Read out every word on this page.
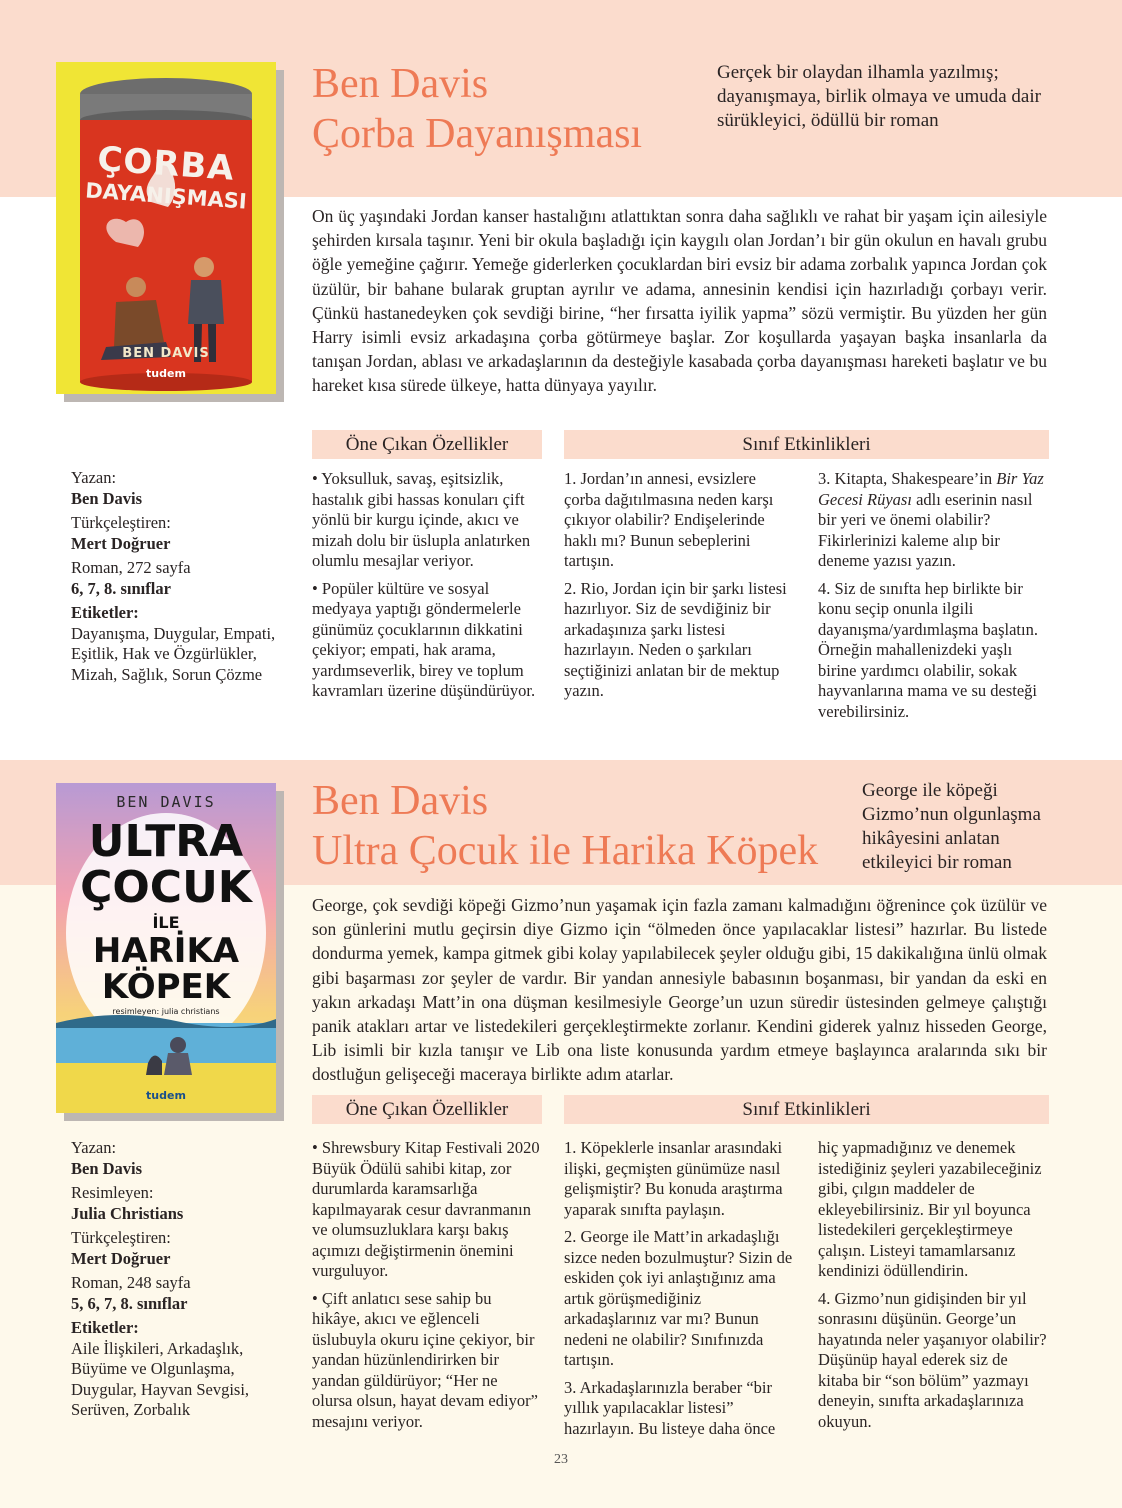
ÇORBA
DAYANIŞMASI
BEN DAVIS
tudem
Ben Davis
Çorba Dayanışması
Gerçek bir olaydan ilhamla yazılmış; dayanışmaya, birlik olmaya ve umuda dair sürükleyici, ödüllü bir roman
On üç yaşındaki Jordan kanser hastalığını atlattıktan sonra daha sağlıklı ve rahat bir yaşam için ailesiyle şehirden kırsala taşınır. Yeni bir okula başladığı için kaygılı olan Jordan’ı bir gün okulun en havalı grubu öğle yemeğine çağırır. Yemeğe giderlerken çocuklardan biri evsiz bir adama zorbalık yapınca Jordan çok üzülür, bir bahane bularak gruptan ayrılır ve adama, annesinin kendisi için hazırladığı çorbayı verir. Çünkü hastanedeyken çok sevdiği birine, “her fırsatta iyilik yapma” sözü vermiştir. Bu yüzden her gün Harry isimli evsiz arkadaşına çorba götürmeye başlar. Zor koşullarda yaşayan başka insanlarla da tanışan Jordan, ablası ve arkadaşlarının da desteğiyle kasabada çorba dayanışması hareketi başlatır ve bu hareket kısa sürede ülkeye, hatta dünyaya yayılır.
Öne Çıkan Özellikler	Sınıf Etkinlikleri
Yazan:
Ben Davis
Türkçeleştiren:
Mert Doğruer
Roman, 272 sayfa
6, 7, 8. sınıflar
Etiketler:
Dayanışma, Duygular, Empati, Eşitlik, Hak ve Özgürlükler, Mizah, Sağlık, Sorun Çözme

• Yoksulluk, savaş, eşitsizlik, hastalık gibi hassas konuları çift yönlü bir kurgu içinde, akıcı ve mizah dolu bir üslupla anlatırken olumlu mesajlar veriyor.

• Popüler kültüre ve sosyal medyaya yaptığı göndermelerle günümüz çocuklarının dikkatini çekiyor; empati, hak arama, yardımseverlik, birey ve toplum kavramları üzerine düşündürüyor.

1. Jordan’ın annesi, evsizlere çorba dağıtılmasına neden karşı çıkıyor olabilir? Endişelerinde haklı mı? Bunun sebeplerini tartışın.

2. Rio, Jordan için bir şarkı listesi hazırlıyor. Siz de sevdiğiniz bir arkadaşınıza şarkı listesi hazırlayın. Neden o şarkıları seçtiğinizi anlatan bir de mektup yazın.

3. Kitapta, Shakespeare’in Bir Yaz Gecesi Rüyası adlı eserinin nasıl bir yeri ve önemi olabilir? Fikirlerinizi kaleme alıp bir deneme yazısı yazın.

4. Siz de sınıfta hep birlikte bir konu seçip onunla ilgili dayanışma/yardımlaşma başlatın. Örneğin mahallenizdeki yaşlı birine yardımcı olabilir, sokak hayvanlarına mama ve su desteği verebilirsiniz.

BEN DAVIS
ULTRA
ÇOCUK
İLE
HARİKA
KÖPEK
resimleyen: julia christians
tudem
Ben Davis
Ultra Çocuk ile Harika Köpek
George ile köpeği Gizmo’nun olgunlaşma hikâyesini anlatan etkileyici bir roman
George, çok sevdiği köpeği Gizmo’nun yaşamak için fazla zamanı kalmadığını öğrenince çok üzülür ve son günlerini mutlu geçirsin diye Gizmo için “ölmeden önce yapılacaklar listesi” hazırlar. Bu listede dondurma yemek, kampa gitmek gibi kolay yapılabilecek şeyler olduğu gibi, 15 dakikalığına ünlü olmak gibi başarması zor şeyler de vardır. Bir yandan annesiyle babasının boşanması, bir yandan da eski en yakın arkadaşı Matt’in ona düşman kesilmesiyle George’un uzun süredir üstesinden gelmeye çalıştığı panik atakları artar ve listedekileri gerçekleştirmekte zorlanır. Kendini giderek yalnız hisseden George, Lib isimli bir kızla tanışır ve Lib ona liste konusunda yardım etmeye başlayınca aralarında sıkı bir dostluğun gelişeceği maceraya birlikte adım atarlar.
Öne Çıkan Özellikler	Sınıf Etkinlikleri
Yazan:
Ben Davis
Resimleyen:
Julia Christians
Türkçeleştiren:
Mert Doğruer
Roman, 248 sayfa
5, 6, 7, 8. sınıflar
Etiketler:
Aile İlişkileri, Arkadaşlık, Büyüme ve Olgunlaşma, Duygular, Hayvan Sevgisi, Serüven, Zorbalık

• Shrewsbury Kitap Festivali 2020 Büyük Ödülü sahibi kitap, zor durumlarda karamsarlığa kapılmayarak cesur davranmanın ve olumsuzluklara karşı bakış açımızı değiştirmenin önemini vurguluyor.

• Çift anlatıcı sese sahip bu hikâye, akıcı ve eğlenceli üslubuyla okuru içine çekiyor, bir yandan hüzünlendirirken bir yandan güldürüyor; “Her ne olursa olsun, hayat devam ediyor” mesajını veriyor.

1. Köpeklerle insanlar arasındaki ilişki, geçmişten günümüze nasıl gelişmiştir? Bu konuda araştırma yaparak sınıfta paylaşın.

2. George ile Matt’in arkadaşlığı sizce neden bozulmuştur? Sizin de eskiden çok iyi anlaştığınız ama artık görüşmediğiniz arkadaşlarınız var mı? Bunun nedeni ne olabilir? Sınıfınızda tartışın.

3. Arkadaşlarınızla beraber “bir yıllık yapılacaklar listesi” hazırlayın. Bu listeye daha önce

hiç yapmadığınız ve denemek istediğiniz şeyleri yazabileceğiniz gibi, çılgın maddeler de ekleyebilirsiniz. Bir yıl boyunca listedekileri gerçekleştirmeye çalışın. Listeyi tamamlarsanız kendinizi ödüllendirin.

4. Gizmo’nun gidişinden bir yıl sonrasını düşünün. George’un hayatında neler yaşanıyor olabilir? Düşünüp hayal ederek siz de kitaba bir “son bölüm” yazmayı deneyin, sınıfta arkadaşlarınıza okuyun.

23
